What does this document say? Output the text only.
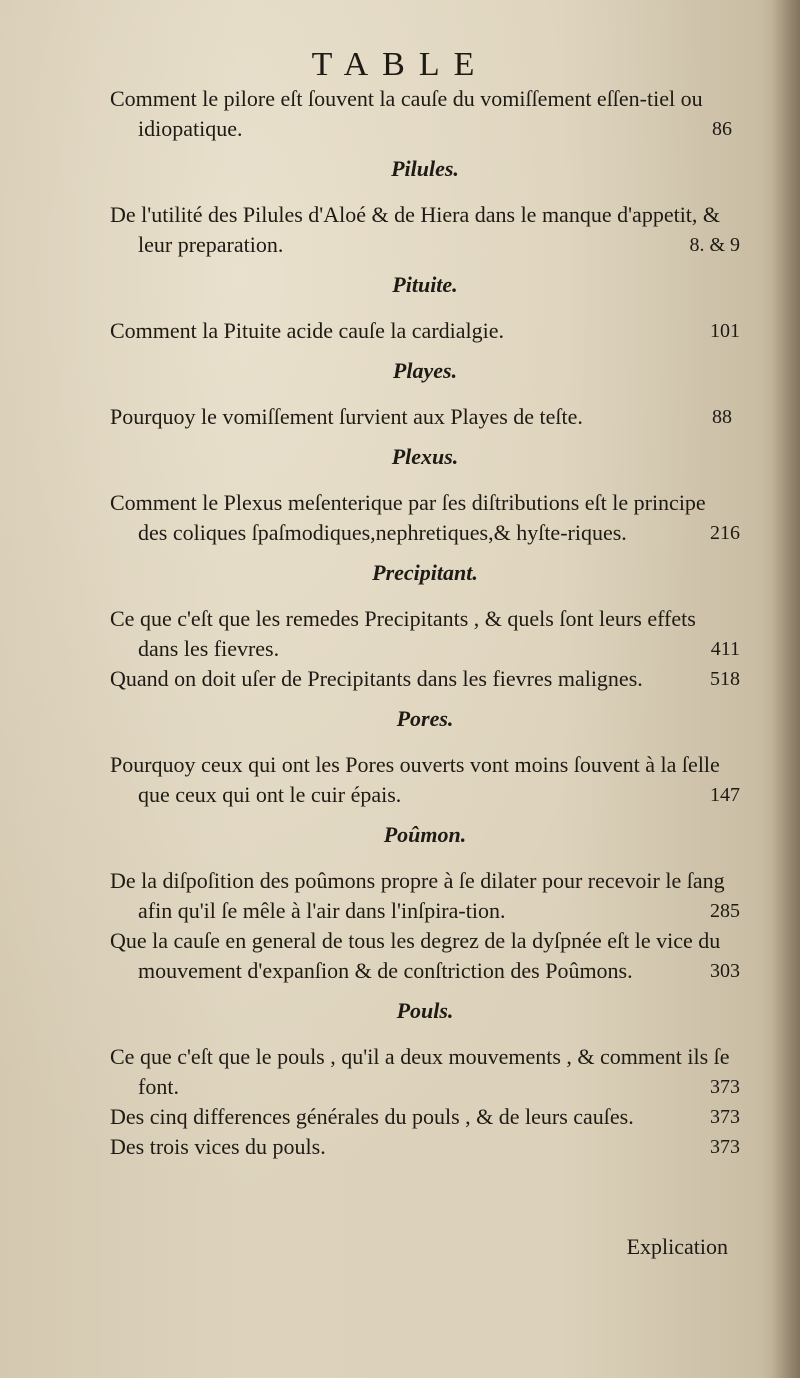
TABLE

Comment le pilore eſt ſouvent la cauſe du vomiſſement eſſen-tiel ou idiopatique.	86

Pilules.

De l'utilité des Pilules d'Aloé & de Hiera dans le manque d'appetit, & leur preparation.	8. & 9

Pituite.

Comment la Pituite acide cauſe la cardialgie.	101

Playes.

Pourquoy le vomiſſement ſurvient aux Playes de teſte.	88

Plexus.

Comment le Plexus meſenterique par ſes diſtributions eſt le principe des coliques ſpaſmodiques,nephretiques,& hyſte-riques.	216

Precipitant.

Ce que c'eſt que les remedes Precipitants , & quels ſont leurs effets dans les fievres.	411

Quand on doit uſer de Precipitants dans les fievres malignes.	518

Pores.

Pourquoy ceux qui ont les Pores ouverts vont moins ſouvent à la ſelle que ceux qui ont le cuir épais.	147

Poûmon.

De la diſpoſition des poûmons propre à ſe dilater pour recevoir le ſang afin qu'il ſe mêle à l'air dans l'inſpira-tion.	285

Que la cauſe en general de tous les degrez de la dyſpnée eſt le vice du mouvement d'expanſion & de conſtriction des Poûmons.	303

Pouls.

Ce que c'eſt que le pouls , qu'il a deux mouvements , & comment ils ſe font.	373

Des cinq differences générales du pouls , & de leurs cauſes.	373

Des trois vices du pouls.	373

Explication
